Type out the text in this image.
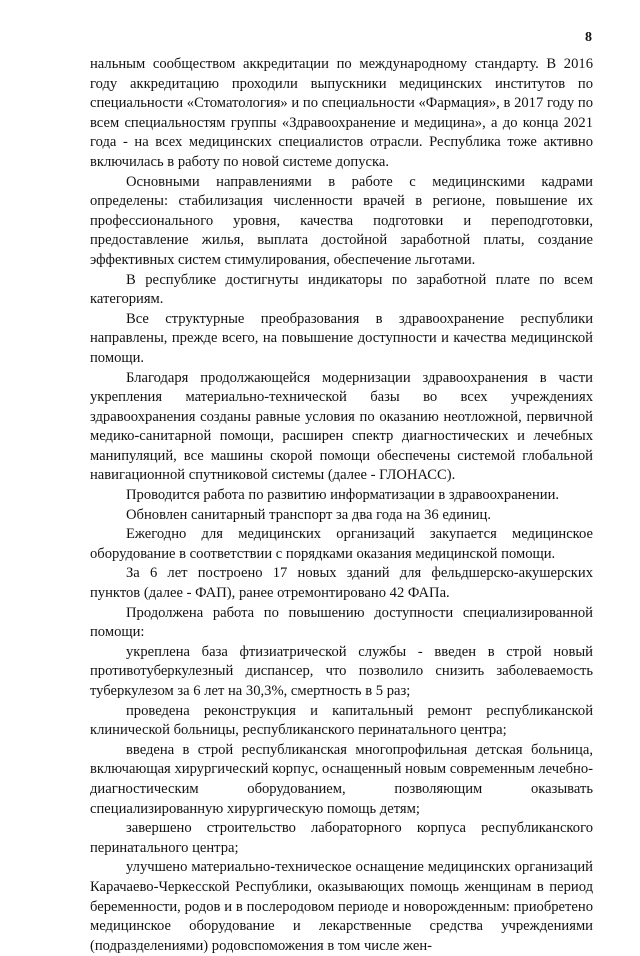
8

нальным сообществом аккредитации по международному стандарту. В 2016 году аккредитацию проходили выпускники медицинских институтов по специальности «Стоматология» и по специальности «Фармация», в 2017 году по всем специальностям группы «Здравоохранение и медицина», а до конца 2021 года - на всех медицинских специалистов отрасли. Республика тоже активно включилась в работу по новой системе допуска.

Основными направлениями в работе с медицинскими кадрами определены: стабилизация численности врачей в регионе, повышение их профессионального уровня, качества подготовки и переподготовки, предоставление жилья, выплата достойной заработной платы, создание эффективных систем стимулирования, обеспечение льготами.

В республике достигнуты индикаторы по заработной плате по всем категориям.

Все структурные преобразования в здравоохранение республики направлены, прежде всего, на повышение доступности и качества медицинской помощи.

Благодаря продолжающейся модернизации здравоохранения в части укрепления материально-технической базы во всех учреждениях здравоохранения созданы равные условия по оказанию неотложной, первичной медико-санитарной помощи, расширен спектр диагностических и лечебных манипуляций, все машины скорой помощи обеспечены системой глобальной навигационной спутниковой системы (далее - ГЛОНАСС).

Проводится работа по развитию информатизации в здравоохранении.

Обновлен санитарный транспорт за два года на 36 единиц.

Ежегодно для медицинских организаций закупается медицинское оборудование в соответствии с порядками оказания медицинской помощи.

За 6 лет построено 17 новых зданий для фельдшерско-акушерских пунктов (далее - ФАП), ранее отремонтировано 42 ФАПа.

Продолжена работа по повышению доступности специализированной помощи:

укреплена база фтизиатрической службы - введен в строй новый противотуберкулезный диспансер, что позволило снизить заболеваемость туберкулезом за 6 лет на 30,3%, смертность в 5 раз;

проведена реконструкция и капитальный ремонт республиканской клинической больницы, республиканского перинатального центра;

введена в строй республиканская многопрофильная детская больница, включающая хирургический корпус, оснащенный новым современным лечебно-диагностическим оборудованием, позволяющим оказывать специализированную хирургическую помощь детям;

завершено строительство лабораторного корпуса республиканского перинатального центра;

улучшено материально-техническое оснащение медицинских организаций Карачаево-Черкесской Республики, оказывающих помощь женщинам в период беременности, родов и в послеродовом периоде и новорожденным: приобретено медицинское оборудование и лекарственные средства учреждениями (подразделениями) родовспоможения в том числе жен-
